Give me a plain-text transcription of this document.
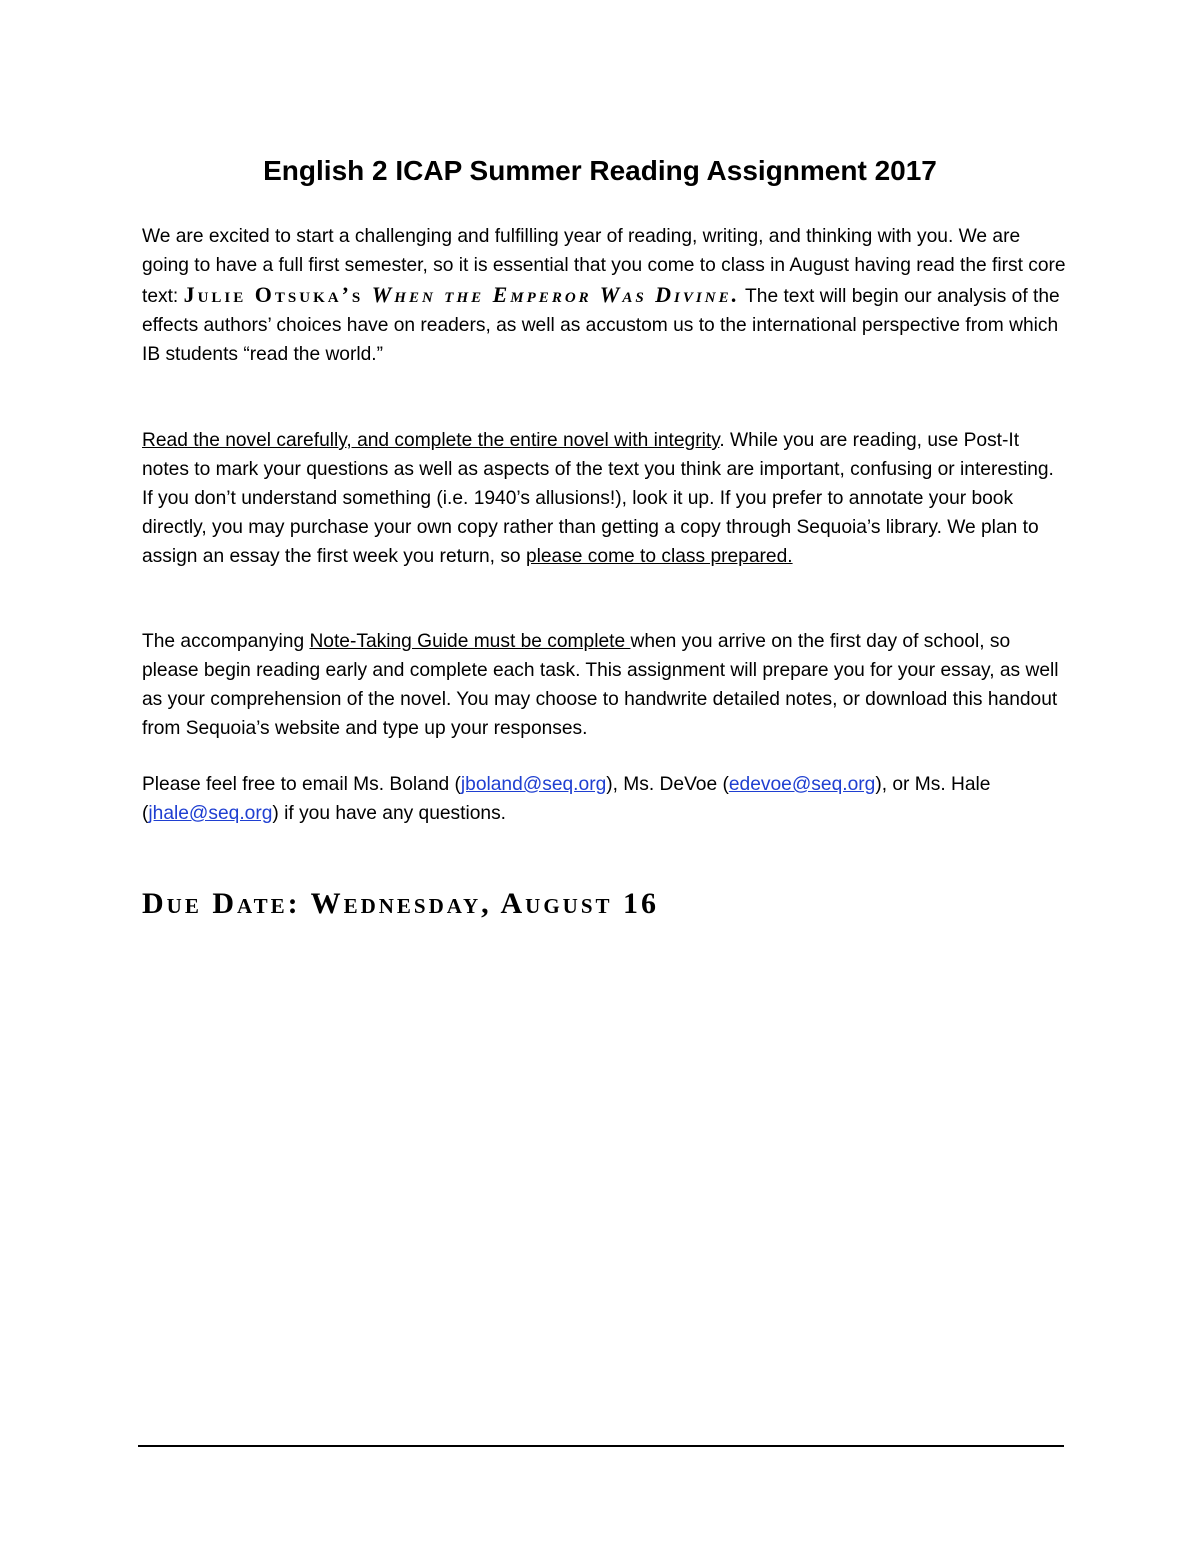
English 2 ICAP Summer Reading Assignment 2017

We are excited to start a challenging and fulfilling year of reading, writing, and thinking with you. We are going to have a full first semester, so it is essential that you come to class in August having read the first core text: Julie Otsuka’s When the Emperor Was Divine. The text will begin our analysis of the effects authors’ choices have on readers, as well as accustom us to the international perspective from which IB students “read the world.”

Read the novel carefully, and complete the entire novel with integrity. While you are reading, use Post-It notes to mark your questions as well as aspects of the text you think are important, confusing or interesting. If you don’t understand something (i.e. 1940’s allusions!), look it up. If you prefer to annotate your book directly, you may purchase your own copy rather than getting a copy through Sequoia’s library. We plan to assign an essay the first week you return, so please come to class prepared.

The accompanying Note-Taking Guide must be complete when you arrive on the first day of school, so please begin reading early and complete each task. This assignment will prepare you for your essay, as well as your comprehension of the novel. You may choose to handwrite detailed notes, or download this handout from Sequoia’s website and type up your responses.

Please feel free to email Ms. Boland (jboland@seq.org), Ms. DeVoe (edevoe@seq.org), or Ms. Hale (jhale@seq.org) if you have any questions.

Due Date: Wednesday, August 16
